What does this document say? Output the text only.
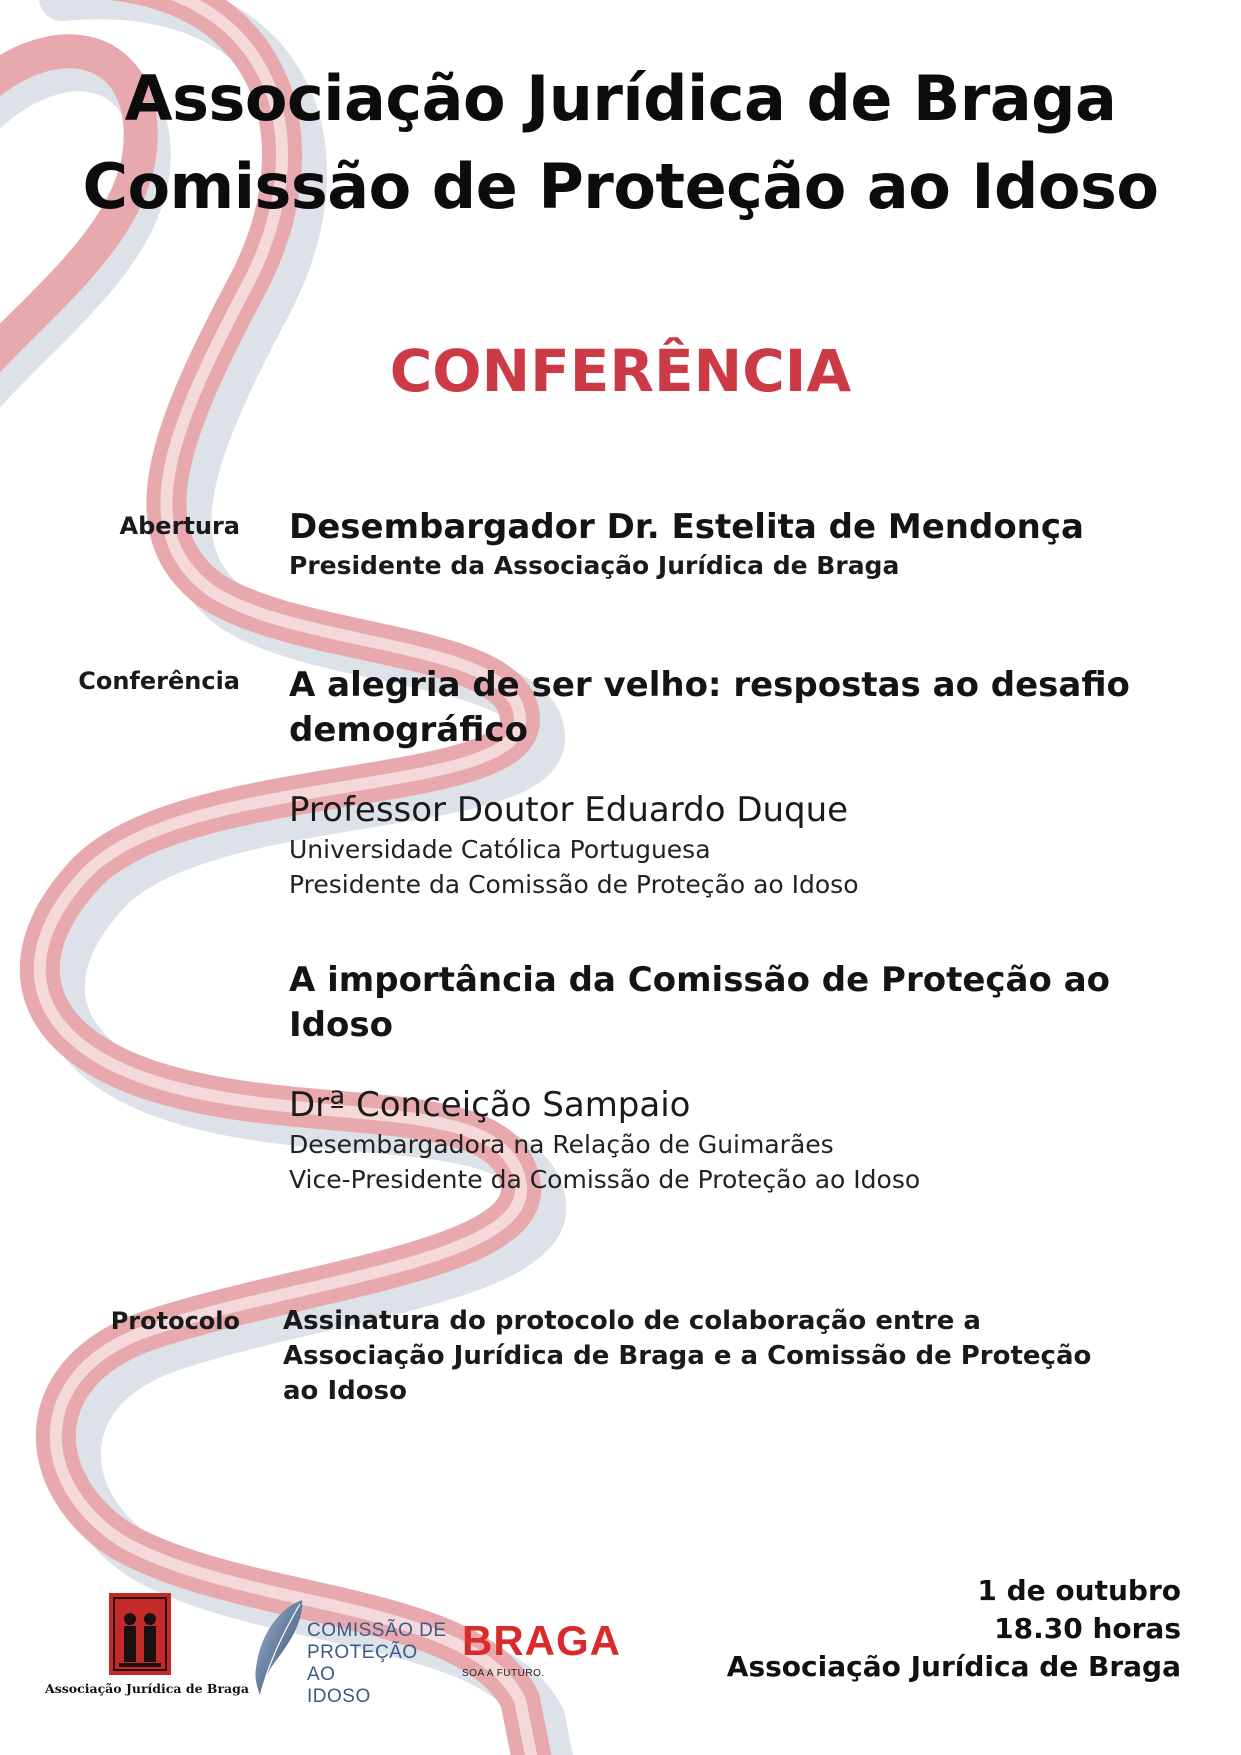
Associação Jurídica de Braga
Comissão de Proteção ao Idoso
CONFERÊNCIA
Abertura Desembargador Dr. Estelita de Mendonça
Presidente da Associação Jurídica de Braga
Conferência A alegria de ser velho: respostas ao desafio
demográfico
Professor Doutor Eduardo Duque
Universidade Católica Portuguesa
Presidente da Comissão de Proteção ao Idoso
A importância da Comissão de Proteção ao
Idoso
Drª Conceição Sampaio
Desembargadora na Relação de Guimarães
Vice-Presidente da Comissão de Proteção ao Idoso
Protocolo Assinatura do protocolo de colaboração entre a
Associação Jurídica de Braga e a Comissão de Proteção
ao Idoso
Associação Jurídica de Braga
COMISSÃO DE
PROTEÇÃO AO
IDOSO
BRAGA
SOA A FUTURO.
1 de outubro
18.30 horas
Associação Jurídica de Braga
